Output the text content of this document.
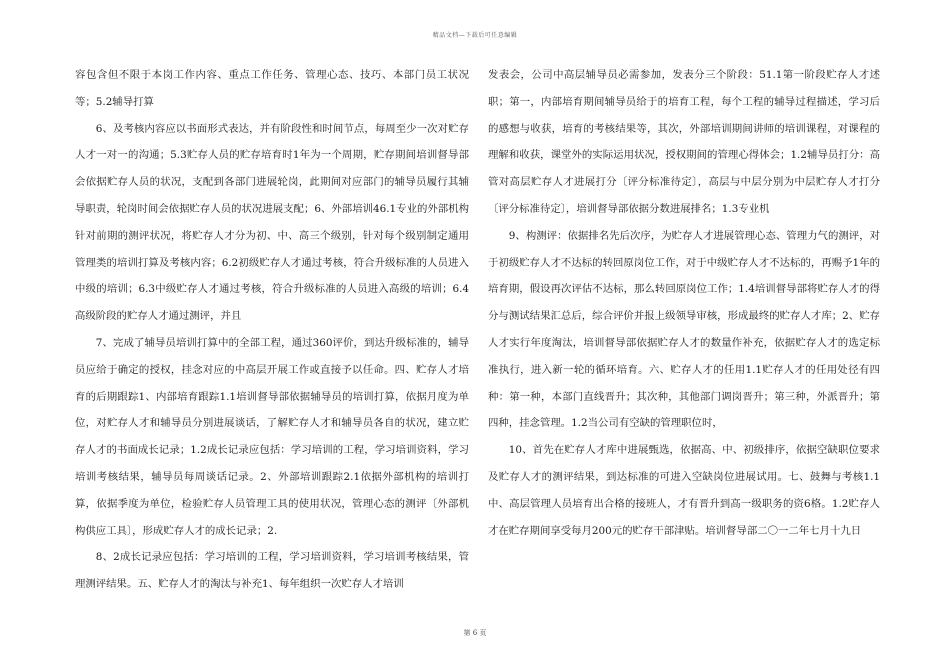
精品文档—下载后可任意编辑

容包含但不限于本岗工作内容、重点工作任务、管理心态、技巧、本部门员工状况等；5.2辅导打算

6、及考核内容应以书面形式表达，并有阶段性和时间节点，每周至少一次对贮存人才一对一的沟通；5.3贮存人员的贮存培育时1年为一个周期，贮存期间培训督导部会依据贮存人员的状况，支配到各部门进展轮岗，此期间对应部门的辅导员履行其辅导职责，轮岗时间会依据贮存人员的状况进展支配；6、外部培训46.1专业的外部机构针对前期的测评状况，将贮存人才分为初、中、高三个级别，针对每个级别制定通用管理类的培训打算及考核内容；6.2初级贮存人才通过考核，符合升级标准的人员进入中级的培训；6.3中级贮存人才通过考核，符合升级标准的人员进入高级的培训；6.4高级阶段的贮存人才通过测评，并且

7、完成了辅导员培训打算中的全部工程，通过360评价，到达升级标准的，辅导员应给于确定的授权，挂念对应的中高层开展工作或直接予以任命。四、贮存人才培育的后期跟踪1、内部培育跟踪1.1培训督导部依据辅导员的培训打算，依据月度为单位，对贮存人才和辅导员分别进展谈话，了解贮存人才和辅导员各自的状况，建立贮存人才的书面成长记录；1.2成长记录应包括：学习培训的工程，学习培训资料，学习培训考核结果，辅导员每周谈话记录。2、外部培训跟踪2.1依据外部机构的培训打算，依据季度为单位，检验贮存人员管理工具的使用状况，管理心态的测评〔外部机构供应工具〕，形成贮存人才的成长记录；2.

8、2成长记录应包括：学习培训的工程，学习培训资料，学习培训考核结果，管理测评结果。五、贮存人才的淘汰与补充1、每年组织一次贮存人才培训

发表会，公司中高层辅导员必需参加，发表分三个阶段：51.1第一阶段贮存人才述职；第一，内部培育期间辅导员给于的培育工程，每个工程的辅导过程描述，学习后的感想与收获，培育的考核结果等，其次，外部培训期间讲师的培训课程，对课程的理解和收获，课堂外的实际运用状况，授权期间的管理心得体会；1.2辅导员打分：高管对高层贮存人才进展打分〔评分标准待定〕，高层与中层分别为中层贮存人才打分〔评分标准待定〕，培训督导部依据分数进展排名；1.3专业机

9、构测评：依据排名先后次序，为贮存人才进展管理心态、管理力气的测评，对于初级贮存人才不达标的转回原岗位工作，对于中级贮存人才不达标的，再赐予1年的培育期，假设再次评估不达标，那么转回原岗位工作；1.4培训督导部将贮存人才的得分与测试结果汇总后，综合评价并报上级领导审核，形成最终的贮存人才库；2、贮存人才实行年度淘汰，培训督导部依据贮存人才的数量作补充，依据贮存人才的选定标准执行，进入新一轮的循环培育。六、贮存人才的任用1.1贮存人才的任用处径有四种：第一种，本部门直线晋升；其次种，其他部门调岗晋升；第三种，外派晋升；第四种，挂念管理。1.2当公司有空缺的管理职位时，

10、首先在贮存人才库中进展甄选，依据高、中、初级排序，依据空缺职位要求及贮存人才的测评结果，到达标准的可进入空缺岗位进展试用。七、鼓舞与考核1.1中、高层管理人员培育出合格的接班人，才有晋升到高一级职务的资6格。1.2贮存人才在贮存期间享受每月200元的贮存干部津贴。培训督导部二〇一二年七月十九日

第 6 页
